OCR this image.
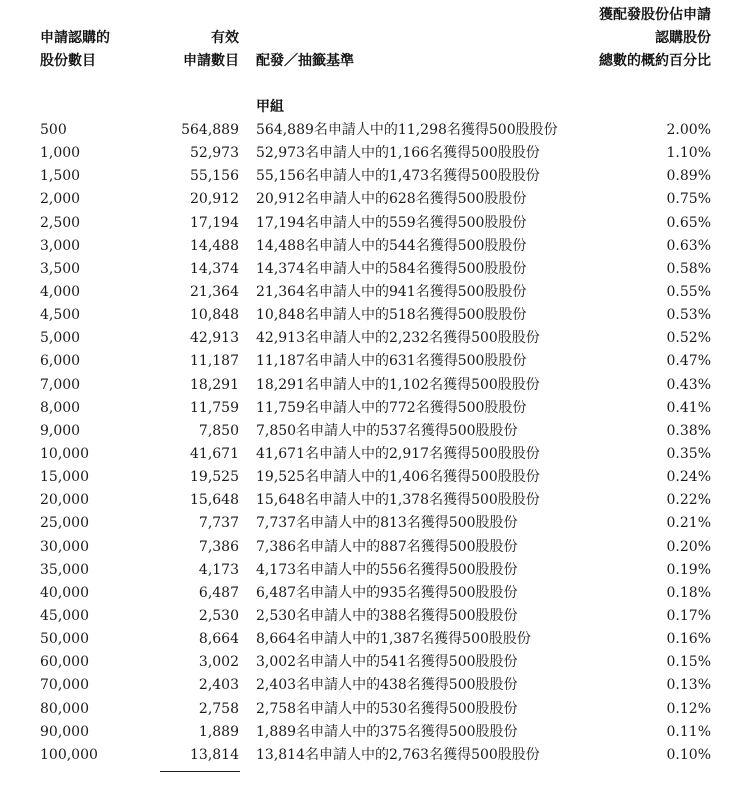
申請認購的
股份數目
有效
申請數目 配發／抽籤基準
獲配發股份佔申請
認購股份
總數的概約百分比
甲組
500	564,889 564,889名申請人中的11,298名獲得500股股份	2.00%
1,000	52,973 52,973名申請人中的1,166名獲得500股股份	1.10%
1,500	55,156 55,156名申請人中的1,473名獲得500股股份	0.89%
2,000	20,912 20,912名申請人中的628名獲得500股股份	0.75%
2,500	17,194 17,194名申請人中的559名獲得500股股份	0.65%
3,000	14,488 14,488名申請人中的544名獲得500股股份	0.63%
3,500	14,374 14,374名申請人中的584名獲得500股股份	0.58%
4,000	21,364 21,364名申請人中的941名獲得500股股份	0.55%
4,500	10,848 10,848名申請人中的518名獲得500股股份	0.53%
5,000	42,913 42,913名申請人中的2,232名獲得500股股份	0.52%
6,000	11,187 11,187名申請人中的631名獲得500股股份	0.47%
7,000	18,291 18,291名申請人中的1,102名獲得500股股份	0.43%
8,000	11,759 11,759名申請人中的772名獲得500股股份	0.41%
9,000	7,850 7,850名申請人中的537名獲得500股股份	0.38%
10,000	41,671 41,671名申請人中的2,917名獲得500股股份	0.35%
15,000	19,525 19,525名申請人中的1,406名獲得500股股份	0.24%
20,000	15,648 15,648名申請人中的1,378名獲得500股股份	0.22%
25,000	7,737 7,737名申請人中的813名獲得500股股份	0.21%
30,000	7,386 7,386名申請人中的887名獲得500股股份	0.20%
35,000	4,173 4,173名申請人中的556名獲得500股股份	0.19%
40,000	6,487 6,487名申請人中的935名獲得500股股份	0.18%
45,000	2,530 2,530名申請人中的388名獲得500股股份	0.17%
50,000	8,664 8,664名申請人中的1,387名獲得500股股份	0.16%
60,000	3,002 3,002名申請人中的541名獲得500股股份	0.15%
70,000	2,403 2,403名申請人中的438名獲得500股股份	0.13%
80,000	2,758 2,758名申請人中的530名獲得500股股份	0.12%
90,000	1,889 1,889名申請人中的375名獲得500股股份	0.11%
100,000	13,814 13,814名申請人中的2,763名獲得500股股份	0.10%
